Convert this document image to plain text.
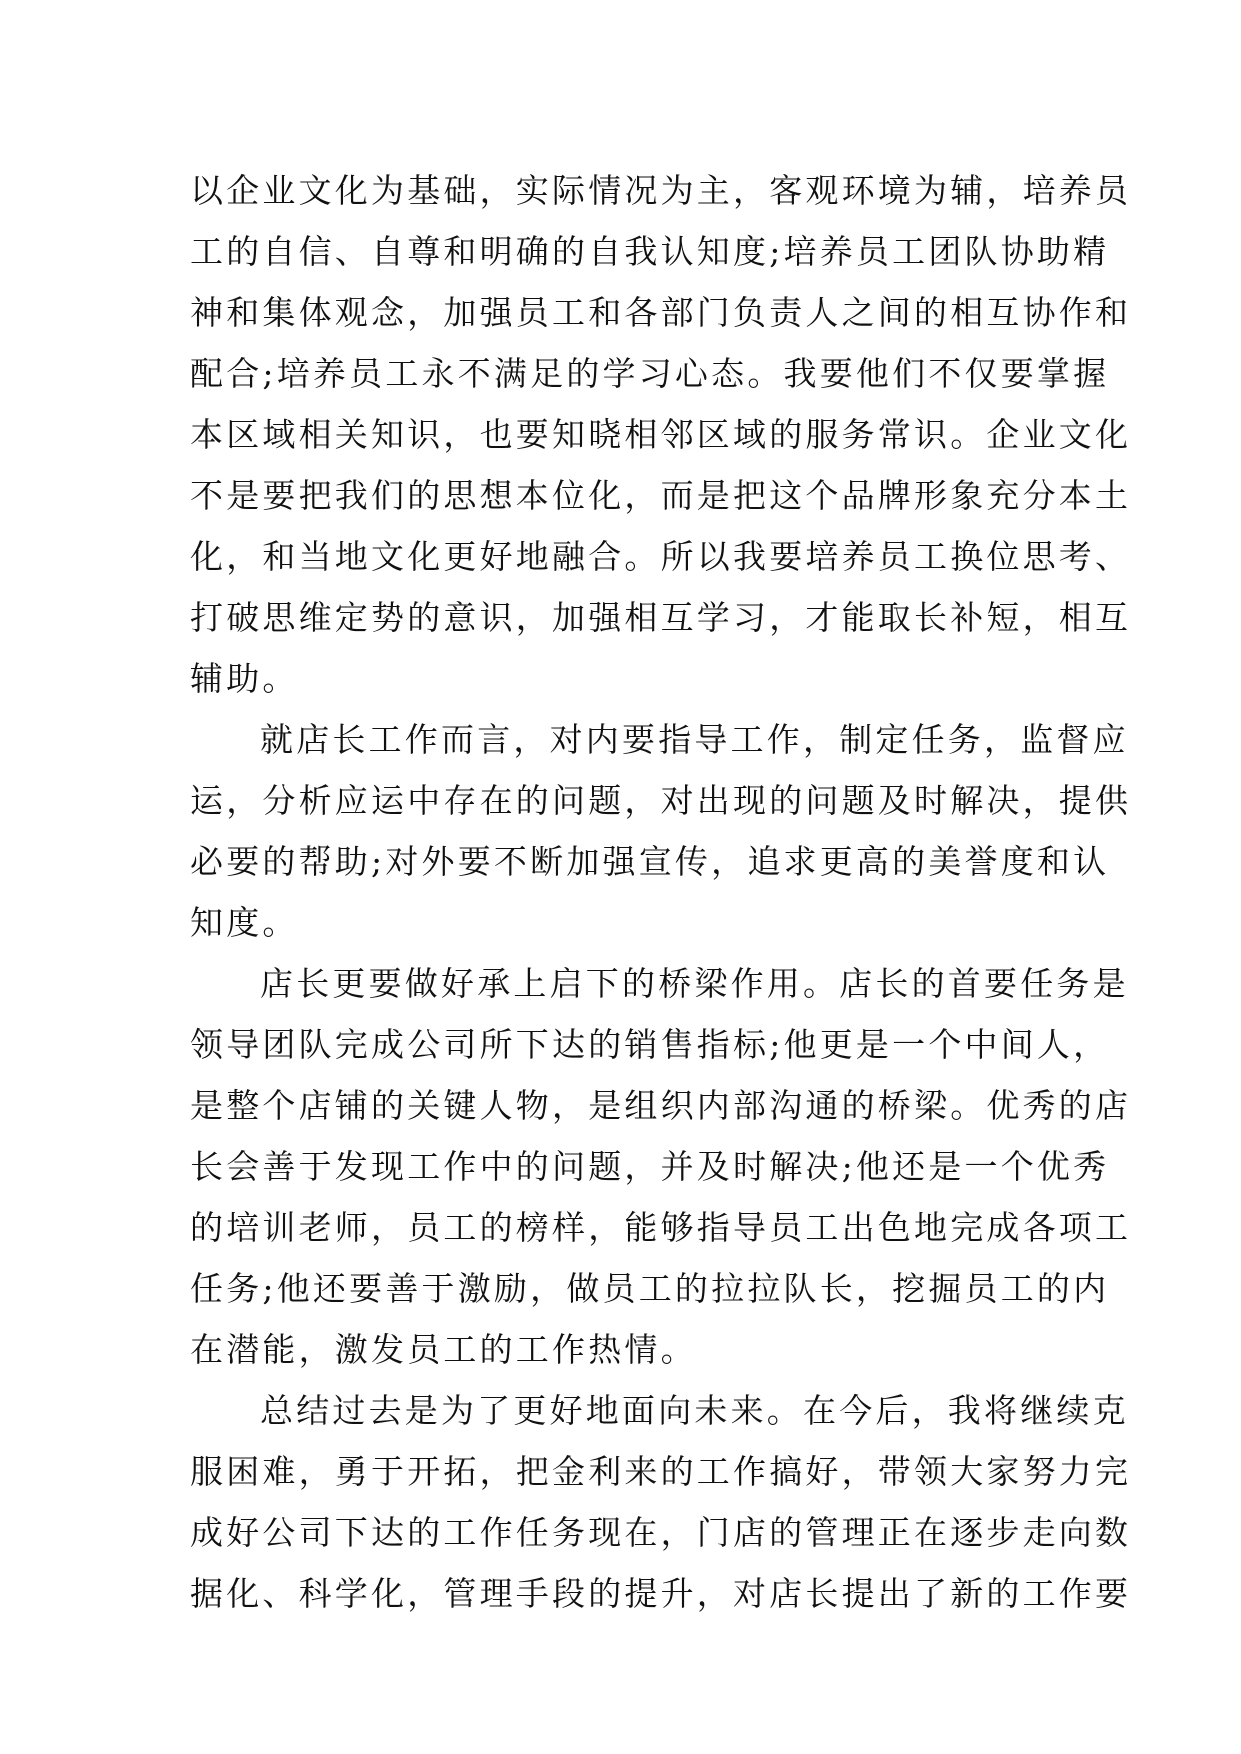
以企业文化为基础，实际情况为主，客观环境为辅，培养员
工的自信、自尊和明确的自我认知度;培养员工团队协助精
神和集体观念，加强员工和各部门负责人之间的相互协作和
配合;培养员工永不满足的学习心态。我要他们不仅要掌握
本区域相关知识，也要知晓相邻区域的服务常识。企业文化
不是要把我们的思想本位化，而是把这个品牌形象充分本土
化，和当地文化更好地融合。所以我要培养员工换位思考、
打破思维定势的意识，加强相互学习，才能取长补短，相互
辅助。
就店长工作而言，对内要指导工作，制定任务，监督应
运，分析应运中存在的问题，对出现的问题及时解决，提供
必要的帮助;对外要不断加强宣传，追求更高的美誉度和认
知度。
店长更要做好承上启下的桥梁作用。店长的首要任务是
领导团队完成公司所下达的销售指标;他更是一个中间人，
是整个店铺的关键人物，是组织内部沟通的桥梁。优秀的店
长会善于发现工作中的问题，并及时解决;他还是一个优秀
的培训老师，员工的榜样，能够指导员工出色地完成各项工
任务;他还要善于激励，做员工的拉拉队长，挖掘员工的内
在潜能，激发员工的工作热情。
总结过去是为了更好地面向未来。在今后，我将继续克
服困难，勇于开拓，把金利来的工作搞好，带领大家努力完
成好公司下达的工作任务现在，门店的管理正在逐步走向数
据化、科学化，管理手段的提升，对店长提出了新的工作要
